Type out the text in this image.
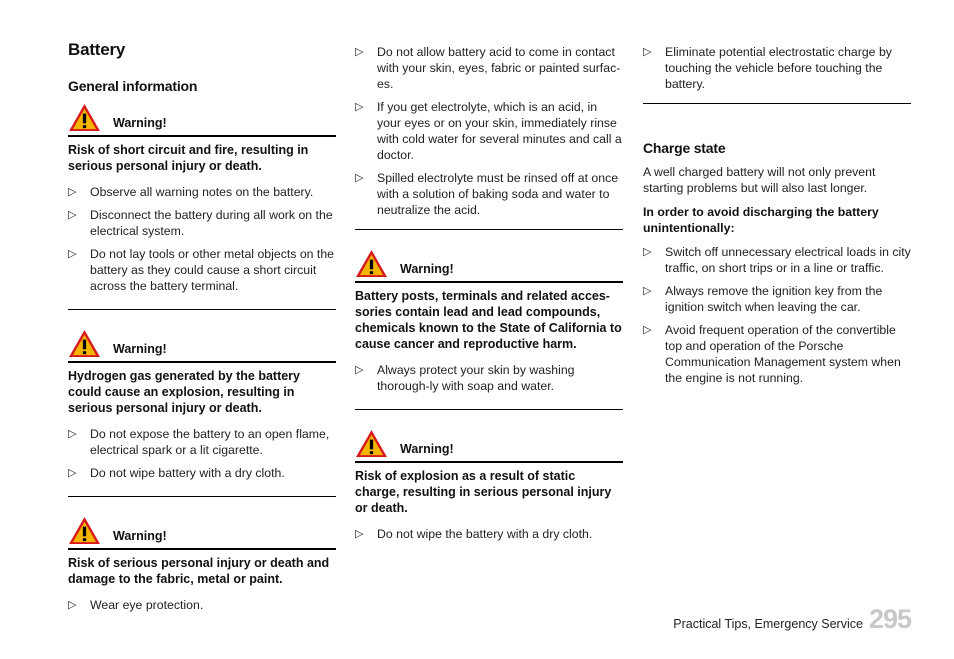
Battery
General information
Warning!
Risk of short circuit and fire, resulting in serious personal injury or death.
▷ Observe all warning notes on the battery.
▷ Disconnect the battery during all work on the electrical system.
▷ Do not lay tools or other metal objects on the battery as they could cause a short circuit across the battery terminal.
Warning!
Hydrogen gas generated by the battery could cause an explosion, resulting in serious personal injury or death.
▷ Do not expose the battery to an open flame, electrical spark or a lit cigarette.
▷ Do not wipe battery with a dry cloth.
Warning!
Risk of serious personal injury or death and damage to the fabric, metal or paint.
▷ Wear eye protection.
▷ Do not allow battery acid to come in contact with your skin, eyes, fabric or painted surfac-es.
▷ If you get electrolyte, which is an acid, in your eyes or on your skin, immediately rinse with cold water for several minutes and call a doctor.
▷ Spilled electrolyte must be rinsed off at once with a solution of baking soda and water to neutralize the acid.
Warning!
Battery posts, terminals and related acces-sories contain lead and lead compounds, chemicals known to the State of California to cause cancer and reproductive harm.
▷ Always protect your skin by washing thorough-ly with soap and water.
Warning!
Risk of explosion as a result of static charge, resulting in serious personal injury or death.
▷ Do not wipe the battery with a dry cloth.
▷ Eliminate potential electrostatic charge by touching the vehicle before touching the battery.
Charge state

A well charged battery will not only prevent starting problems but will also last longer.

In order to avoid discharging the battery unintentionally:

▷ Switch off unnecessary electrical loads in city traffic, on short trips or in a line or traffic.
▷ Always remove the ignition key from the ignition switch when leaving the car.
▷ Avoid frequent operation of the convertible top and operation of the Porsche Communication Management system when the engine is not running.
Practical Tips, Emergency Service 295
